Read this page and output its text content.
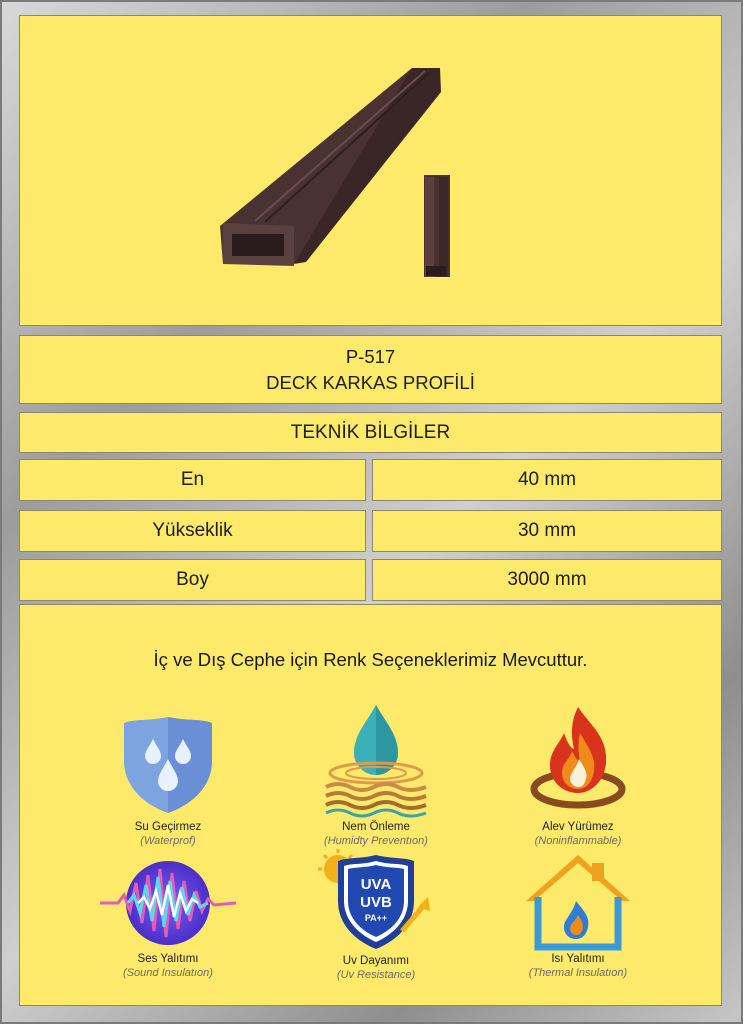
P-517
DECK KARKAS PROFİLİ
TEKNİK BİLGİLER
En	40 mm
Yükseklik	30 mm
Boy	3000 mm
İç ve Dış Cephe için Renk Seçeneklerimiz Mevcuttur.
Su Geçirmez
(Waterprof)
Nem Önleme
(Humidty Preventıon)
Alev Yürümez
(Noninflammable)
Ses Yalıtımı
(Sound Insulatıon)
UVA
UVB
PA++
Uv Dayanımı
(Uv Resistance)
Isı Yalıtımı
(Thermal Insulatıon)
